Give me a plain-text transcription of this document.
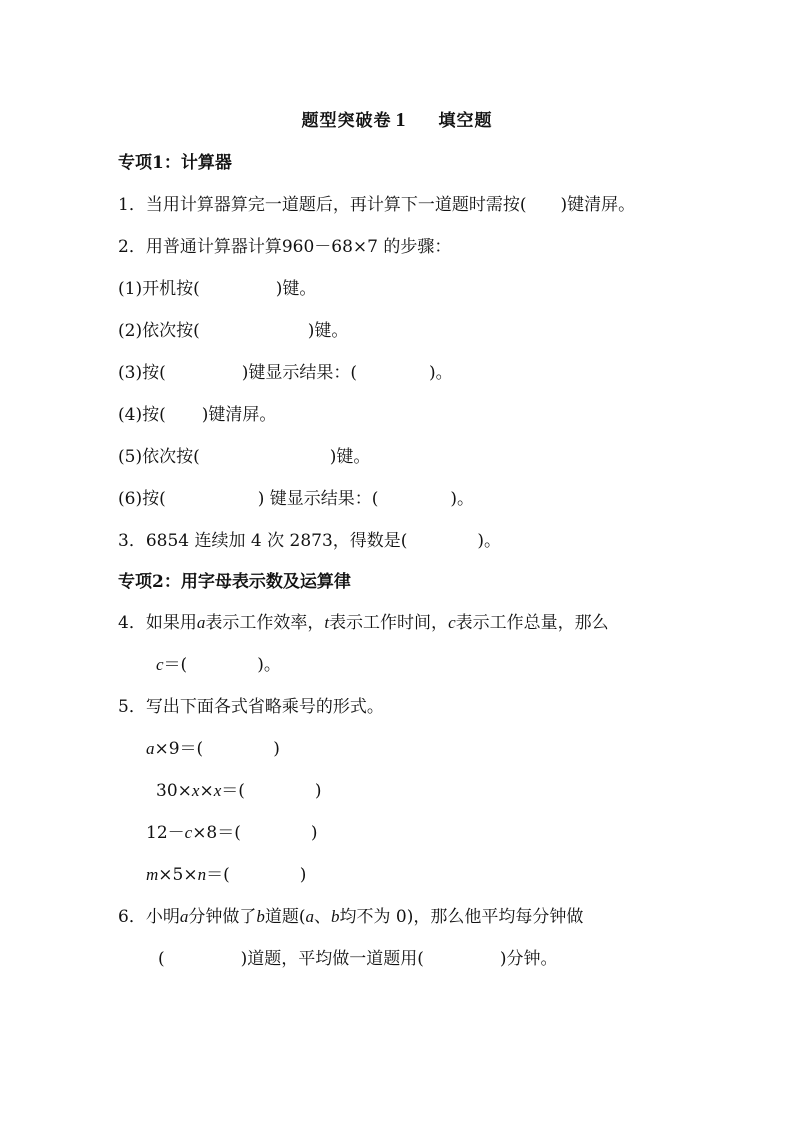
题型突破卷 1 填空题
专项1：计算器
1．当用计算器算完一道题后，再计算下一道题时需按( )键清屏。
2．用普通计算器计算960－68×7 的步骤：
(1)开机按(	)键。
(2)依次按(	)键。
(3)按(	)键显示结果：(	)。
(4)按( )键清屏。
(5)依次按(	)键。
(6)按(	) 键显示结果：(	)。
3．6854 连续加 4 次 2873，得数是(	)。
专项2：用字母表示数及运算律
4．如果用a表示工作效率，t表示工作时间，c表示工作总量，那么
c＝(	)。
5．写出下面各式省略乘号的形式。
a×9＝(	)
30×x×x＝(	)
12－c×8＝(	)
m×5×n＝(	)
6．小明a分钟做了b道题(a、b均不为 0)，那么他平均每分钟做
(	)道题，平均做一道题用(	)分钟。
